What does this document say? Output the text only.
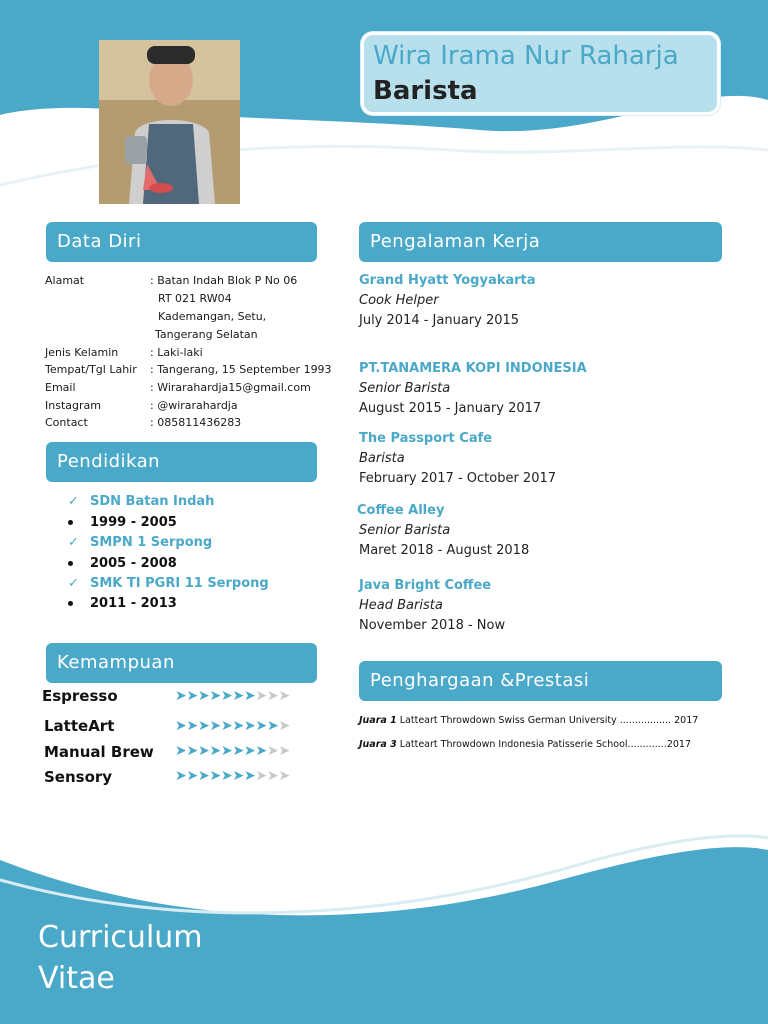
Wira Irama Nur Raharja
Barista
Data Diri
Pendidikan
Kemampuan
Pengalaman Kerja
Penghargaan &Prestasi
Alamat	: Batan Indah Blok P No 06
RT 021 RW04
Kademangan, Setu,
Tangerang Selatan
Jenis Kelamin	: Laki-laki
Tempat/Tgl Lahir : Tangerang, 15 September 1993
Email	: Wirarahardja15@gmail.com
Instagram	: @wirarahardja
Contact	: 085811436283
✓ SDN Batan Indah
1999 - 2005
✓ SMPN 1 Serpong
2005 - 2008
✓ SMK TI PGRI 11 Serpong
2011 - 2013
Espresso	➤➤➤➤➤➤➤➤➤➤
LatteArt	➤➤➤➤➤➤➤➤➤➤
Manual Brew ➤➤➤➤➤➤➤➤➤➤
Sensory	➤➤➤➤➤➤➤➤➤➤
Grand Hyatt Yogyakarta
Cook Helper
July 2014 - January 2015
PT.TANAMERA KOPI INDONESIA
Senior Barista
August 2015 - January 2017
The Passport Cafe
Barista
February 2017 - October 2017
Coffee Alley
Senior Barista
Maret 2018 - August 2018
Java Bright Coffee
Head Barista
November 2018 - Now
Juara 1 Latteart Throwdown Swiss German University ................. 2017
Juara 3 Latteart Throwdown Indonesia Patisserie School.............2017
Curriculum
Vitae
